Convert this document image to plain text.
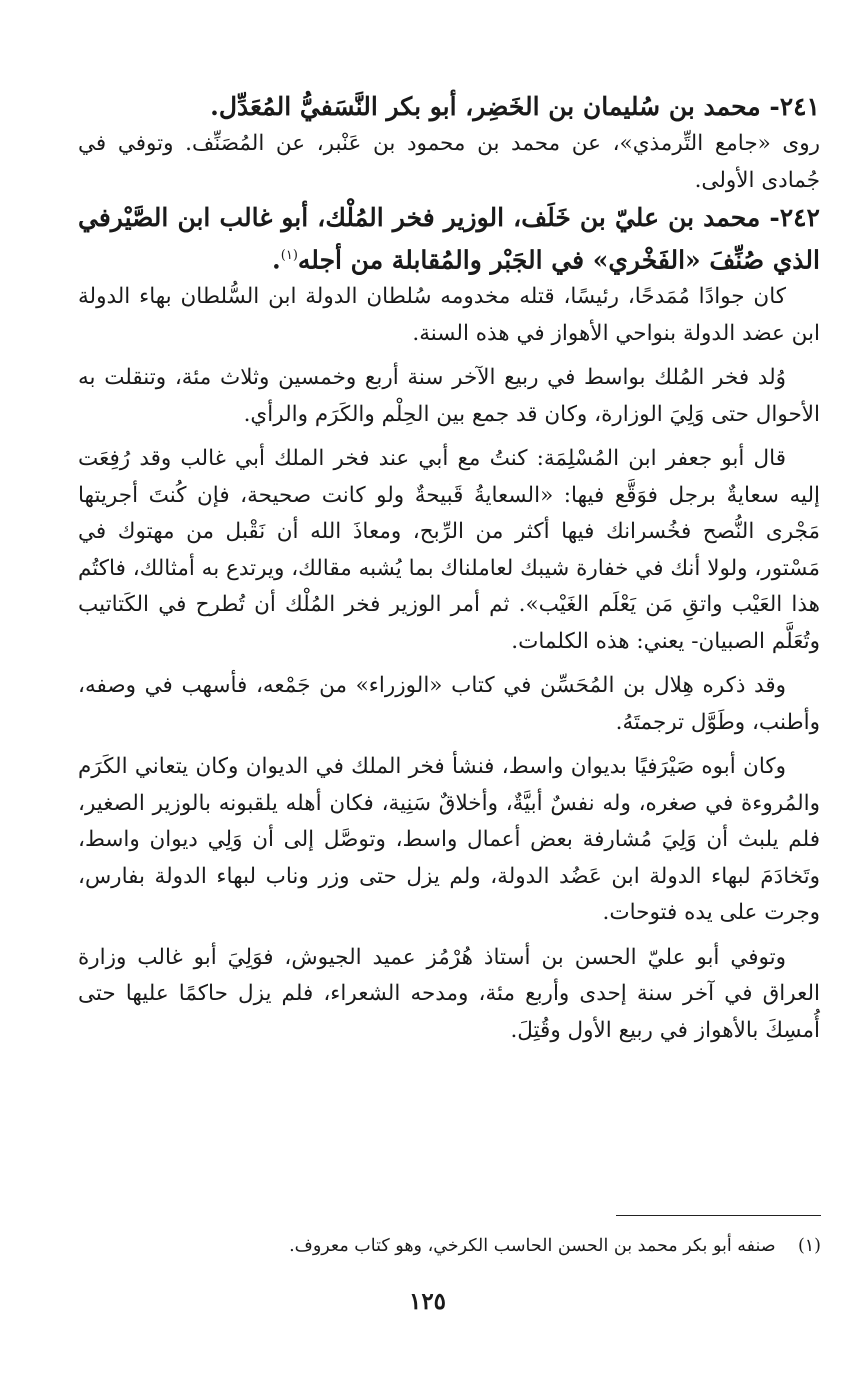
٢٤١- محمد بن سُليمان بن الخَضِر، أبو بكر النَّسَفيُّ المُعَدِّل.

روى «جامع التِّرمذي»، عن محمد بن محمود بن عَنْبر، عن المُصَنِّف. وتوفي في جُمادى الأولى.

٢٤٢- محمد بن عليّ بن خَلَف، الوزير فخر المُلْك، أبو غالب ابن الصَّيْرفي الذي صُنِّفَ «الفَخْري» في الجَبْر والمُقابلة من أجله$^{(١)}$.

كان جوادًا مُمَدحًا، رئيسًا، قتله مخدومه سُلطان الدولة ابن السُّلطان بهاء الدولة ابن عضد الدولة بنواحي الأهواز في هذه السنة.

وُلد فخر المُلك بواسط في ربيع الآخر سنة أربع وخمسين وثلاث مئة، وتنقلت به الأحوال حتى وَلِيَ الوزارة، وكان قد جمع بين الحِلْم والكَرَم والرأي.

قال أبو جعفر ابن المُسْلِمَة: كنتُ مع أبي عند فخر الملك أبي غالب وقد رُفِعَت إليه سعايةٌ برجل فوَقَّع فيها: «السعايةُ قَبيحةٌ ولو كانت صحيحة، فإن كُنتَ أجريتها مَجْرى النُّصح فخُسرانك فيها أكثر من الرِّبح، ومعاذَ الله أن نَقْبل من مهتوك في مَسْتور، ولولا أنك في خفارة شيبك لعاملناك بما يُشبه مقالك، ويرتدع به أمثالك، فاكتُم هذا العَيْب واتقِ مَن يَعْلَم الغَيْب». ثم أمر الوزير فخر المُلْك أن تُطرح في الكَتاتيب وتُعَلَّم الصبيان- يعني: هذه الكلمات.

وقد ذكره هِلال بن المُحَسِّن في كتاب «الوزراء» من جَمْعه، فأسهب في وصفه، وأطنب، وطَوَّل ترجمتَهُ.

وكان أبوه صَيْرَفيًا بديوان واسط، فنشأ فخر الملك في الديوان وكان يتعاني الكَرَم والمُروءة في صغره، وله نفسٌ أبيَّةٌ، وأخلاقٌ سَنِية، فكان أهله يلقبونه بالوزير الصغير، فلم يلبث أن وَلِيَ مُشارفة بعض أعمال واسط، وتوصَّل إلى أن وَلِي ديوان واسط، وتَخادَمَ لبهاء الدولة ابن عَضُد الدولة، ولم يزل حتى وزر وناب لبهاء الدولة بفارس، وجرت على يده فتوحات.

وتوفي أبو عليّ الحسن بن أستاذ هُرْمُز عميد الجيوش، فوَلِيَ أبو غالب وزارة العراق في آخر سنة إحدى وأربع مئة، ومدحه الشعراء، فلم يزل حاكمًا عليها حتى أُمسِكَ بالأهواز في ربيع الأول وقُتِلَ.

(١)    صنفه أبو بكر محمد بن الحسن الحاسب الكرخي، وهو كتاب معروف.
١٢٥
